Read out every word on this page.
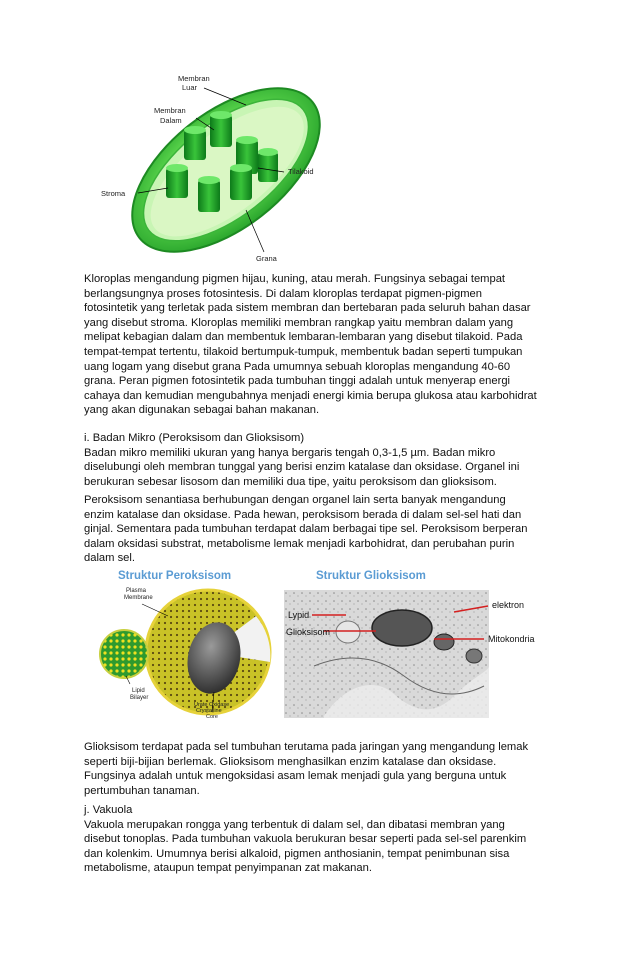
Membran
Luar
Membran
Dalam
Tilakoid
Stroma
Grana
Kloroplas mengandung pigmen hijau, kuning, atau merah. Fungsinya sebagai tempat
berlangsungnya proses fotosintesis. Di dalam kloroplas terdapat pigmen-pigmen
fotosintetik yang terletak pada sistem membran dan bertebaran pada seluruh bahan dasar
yang disebut stroma. Kloroplas memiliki membran rangkap yaitu membran dalam yang
melipat kebagian dalam dan membentuk lembaran-lembaran yang disebut tilakoid. Pada
tempat-tempat tertentu, tilakoid bertumpuk-tumpuk, membentuk badan seperti tumpukan
uang logam yang disebut grana Pada umumnya sebuah kloroplas mengandung 40-60
grana. Peran pigmen fotosintetik pada tumbuhan tinggi adalah untuk menyerap energi
cahaya dan kemudian mengubahnya menjadi energi kimia berupa glukosa atau karbohidrat
yang akan digunakan sebagai bahan makanan.
i. Badan Mikro (Peroksisom dan Glioksisom)
Badan mikro memiliki ukuran yang hanya bergaris tengah 0,3-1,5 µm. Badan mikro
diselubungi oleh membran tunggal yang berisi enzim katalase dan oksidase. Organel ini
berukuran sebesar lisosom dan memiliki dua tipe, yaitu peroksisom dan glioksisom.
Peroksisom senantiasa berhubungan dengan organel lain serta banyak mengandung
enzim katalase dan oksidase. Pada hewan, peroksisom berada di dalam sel-sel hati dan
ginjal. Sementara pada tumbuhan terdapat dalam berbagai tipe sel. Peroksisom berperan
dalam oksidasi substrat, metabolisme lemak menjadi karbohidrat, dan perubahan purin
dalam sel.
Struktur Peroksisom
Plasma
Membrane
Lipid
Bilayer
Urate Oxidase
Crystalline
Core
Struktur Glioksisom
Lypid
Glioksisom
elektron
Mitokondria
Glioksisom terdapat pada sel tumbuhan terutama pada jaringan yang mengandung lemak
seperti biji-bijian berlemak. Glioksisom menghasilkan enzim katalase dan oksidase.
Fungsinya adalah untuk mengoksidasi asam lemak menjadi gula yang berguna untuk
pertumbuhan tanaman.
j. Vakuola
Vakuola merupakan rongga yang terbentuk di dalam sel, dan dibatasi membran yang
disebut tonoplas. Pada tumbuhan vakuola berukuran besar seperti pada sel-sel parenkim
dan kolenkim. Umumnya berisi alkaloid, pigmen anthosianin, tempat penimbunan sisa
metabolisme, ataupun tempat penyimpanan zat makanan.
